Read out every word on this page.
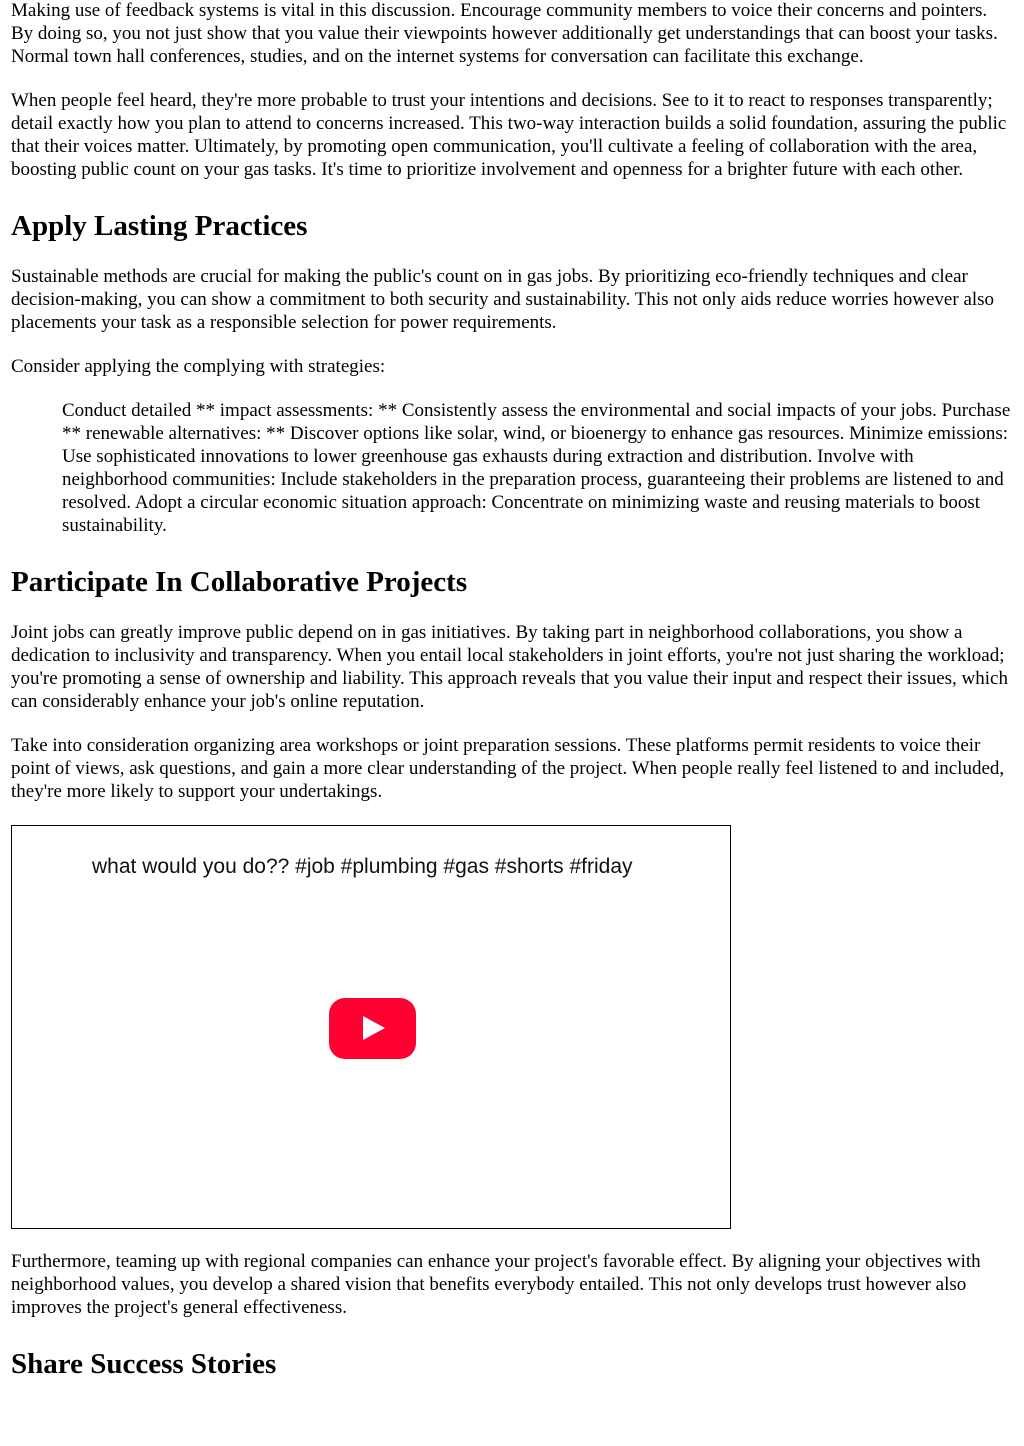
Making use of feedback systems is vital in this discussion. Encourage community members to voice their concerns and pointers. By doing so, you not just show that you value their viewpoints however additionally get understandings that can boost your tasks. Normal town hall conferences, studies, and on the internet systems for conversation can facilitate this exchange.

When people feel heard, they're more probable to trust your intentions and decisions. See to it to react to responses transparently; detail exactly how you plan to attend to concerns increased. This two-way interaction builds a solid foundation, assuring the public that their voices matter. Ultimately, by promoting open communication, you'll cultivate a feeling of collaboration with the area, boosting public count on your gas tasks. It's time to prioritize involvement and openness for a brighter future with each other.

Apply Lasting Practices

Sustainable methods are crucial for making the public's count on in gas jobs. By prioritizing eco-friendly techniques and clear decision-making, you can show a commitment to both security and sustainability. This not only aids reduce worries however also placements your task as a responsible selection for power requirements.

Consider applying the complying with strategies:

Conduct detailed ** impact assessments: ** Consistently assess the environmental and social impacts of your jobs. Purchase ** renewable alternatives: ** Discover options like solar, wind, or bioenergy to enhance gas resources. Minimize emissions: Use sophisticated innovations to lower greenhouse gas exhausts during extraction and distribution. Involve with neighborhood communities: Include stakeholders in the preparation process, guaranteeing their problems are listened to and resolved. Adopt a circular economic situation approach: Concentrate on minimizing waste and reusing materials to boost sustainability.
Participate In Collaborative Projects

Joint jobs can greatly improve public depend on in gas initiatives. By taking part in neighborhood collaborations, you show a dedication to inclusivity and transparency. When you entail local stakeholders in joint efforts, you're not just sharing the workload; you're promoting a sense of ownership and liability. This approach reveals that you value their input and respect their issues, which can considerably enhance your job's online reputation.

Take into consideration organizing area workshops or joint preparation sessions. These platforms permit residents to voice their point of views, ask questions, and gain a more clear understanding of the project. When people really feel listened to and included, they're more likely to support your undertakings.

what would you do?? #job #plumbing #gas #shorts #friday

Furthermore, teaming up with regional companies can enhance your project's favorable effect. By aligning your objectives with neighborhood values, you develop a shared vision that benefits everybody entailed. This not only develops trust however also improves the project's general effectiveness.

Share Success Stories
